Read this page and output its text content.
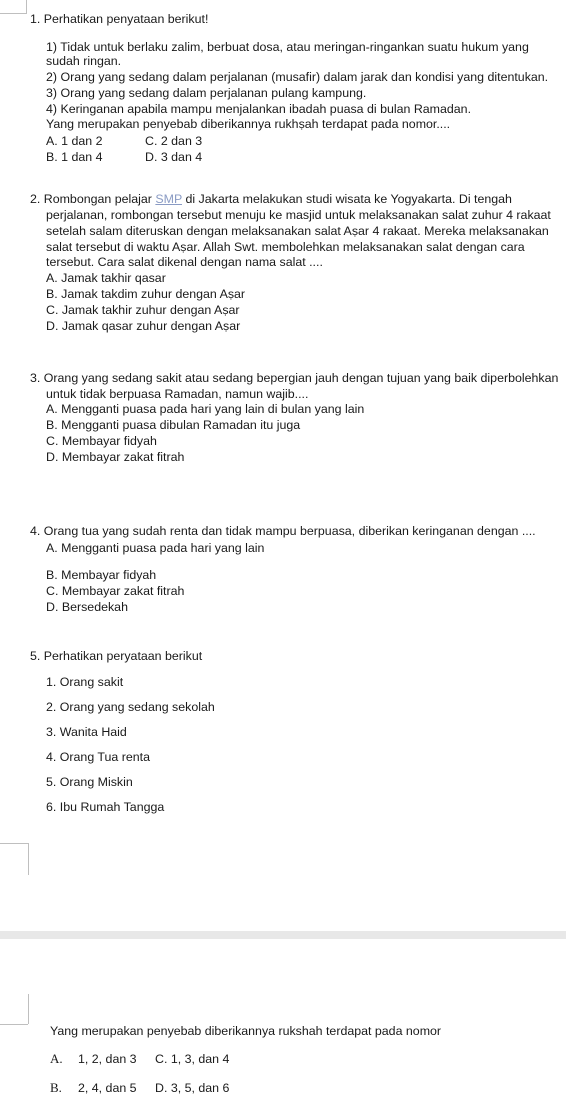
1. Perhatikan penyataan berikut!
1) Tidak untuk berlaku zalim, berbuat dosa, atau meringan-ringankan suatu hukum yang
sudah ringan.
2) Orang yang sedang dalam perjalanan (musafir) dalam jarak dan kondisi yang ditentukan.
3) Orang yang sedang dalam perjalanan pulang kampung.
4) Keringanan apabila mampu menjalankan ibadah puasa di bulan Ramadan.
Yang merupakan penyebab diberikannya rukhṣah terdapat pada nomor....
A. 1 dan 2	C. 2 dan 3
B. 1 dan 4	D. 3 dan 4
2. Rombongan pelajar SMP di Jakarta melakukan studi wisata ke Yogyakarta. Di tengah
perjalanan, rombongan tersebut menuju ke masjid untuk melaksanakan salat zuhur 4 rakaat
setelah salam diteruskan dengan melaksanakan salat Aṣar 4 rakaat. Mereka melaksanakan
salat tersebut di waktu Aṣar. Allah Swt. membolehkan melaksanakan salat dengan cara
tersebut. Cara salat dikenal dengan nama salat ....
A. Jamak takhir qasar
B. Jamak takdim zuhur dengan Aṣar
C. Jamak takhir zuhur dengan Aṣar
D. Jamak qasar zuhur dengan Aṣar
3. Orang yang sedang sakit atau sedang bepergian jauh dengan tujuan yang baik diperbolehkan
untuk tidak berpuasa Ramadan, namun wajib....
A. Mengganti puasa pada hari yang lain di bulan yang lain
B. Mengganti puasa dibulan Ramadan itu juga
C. Membayar fidyah
D. Membayar zakat fitrah
4. Orang tua yang sudah renta dan tidak mampu berpuasa, diberikan keringanan dengan ....
A. Mengganti puasa pada hari yang lain
B. Membayar fidyah
C. Membayar zakat fitrah
D. Bersedekah
5. Perhatikan peryataan berikut
1. Orang sakit
2. Orang yang sedang sekolah
3. Wanita Haid
4. Orang Tua renta
5. Orang Miskin
6. Ibu Rumah Tangga
Yang merupakan penyebab diberikannya rukshah terdapat pada nomor
A. 1, 2, dan 3 C. 1, 3, dan 4
B. 2, 4, dan 5 D. 3, 5, dan 6
